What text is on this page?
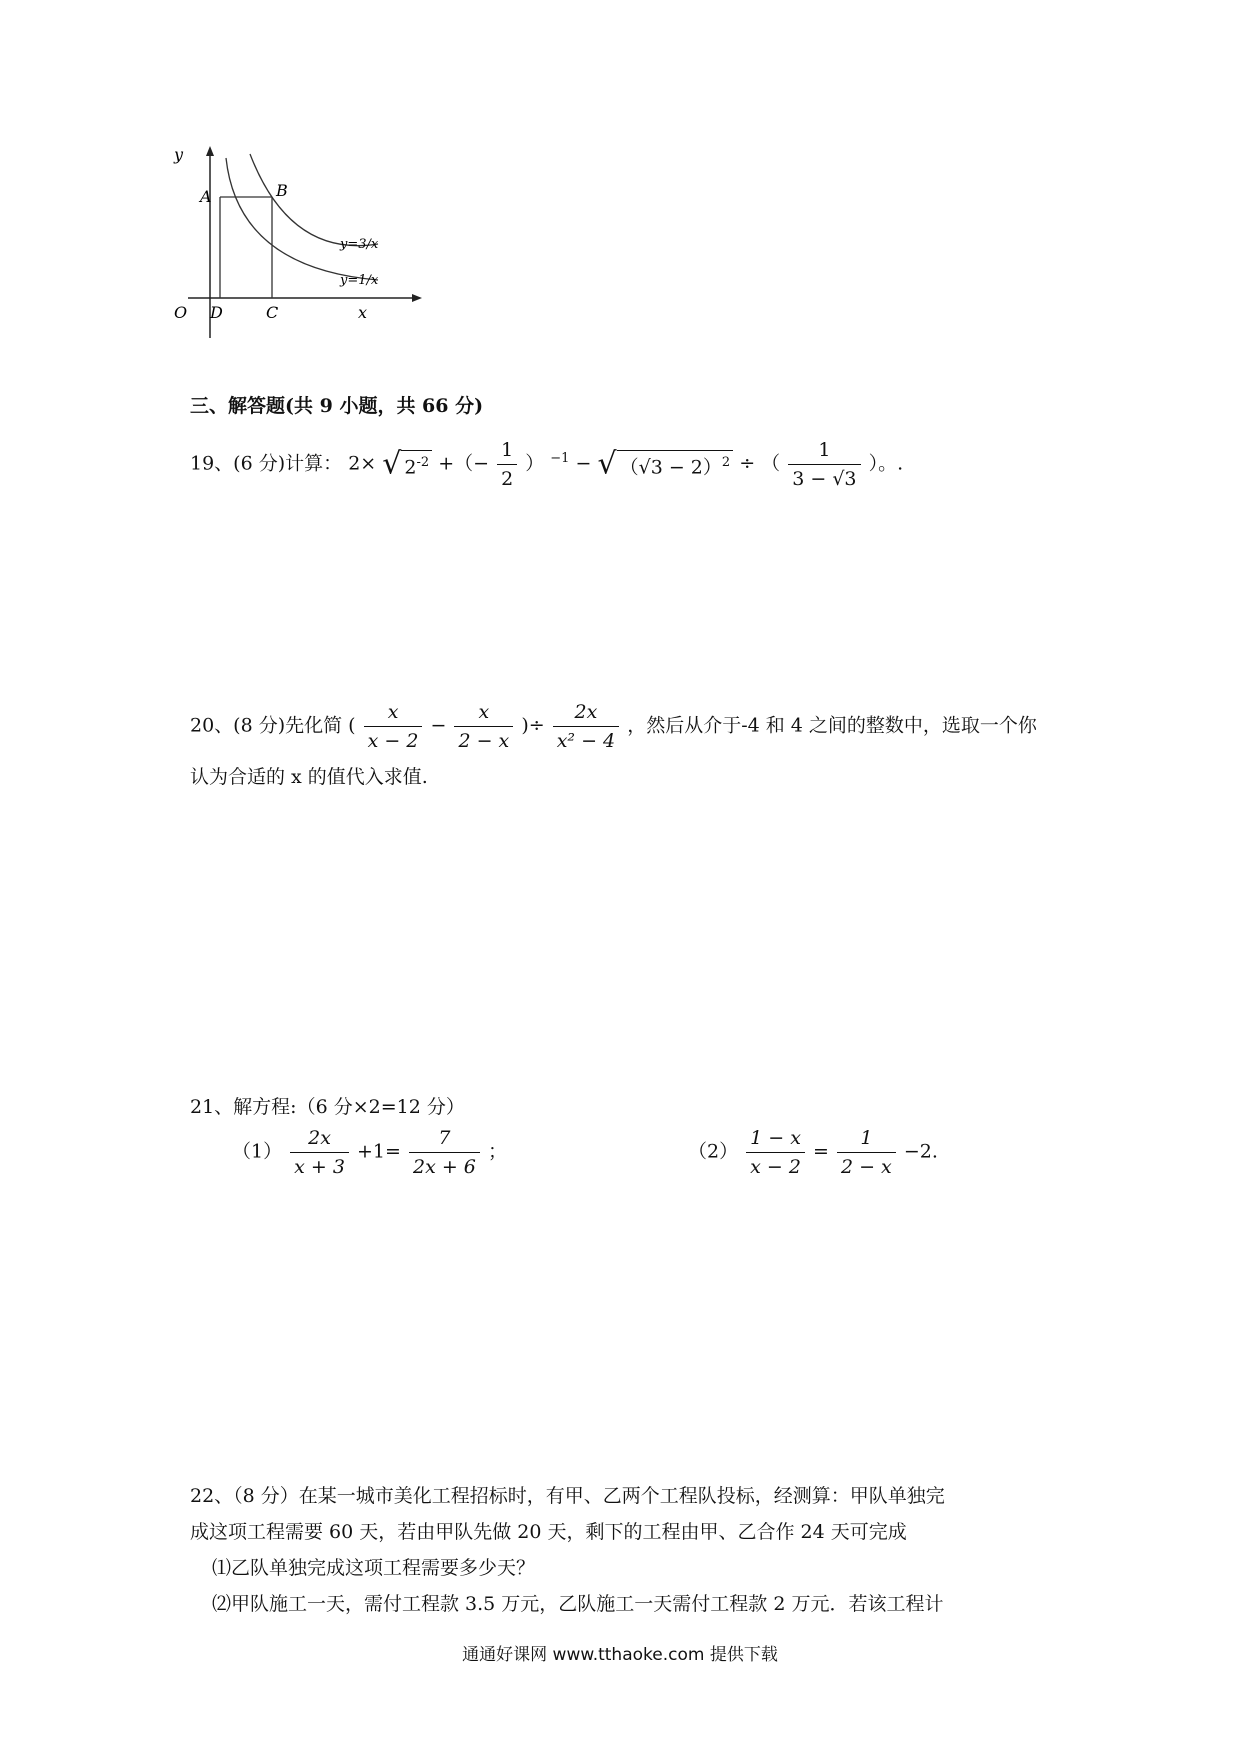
y
A	B
O D	C	x
y=3/x
y=1/x
三、解答题(共 9 小题，共 66 分)
19、(6 分)计算： 2× √ $2^{-2}$ +（− $\frac{1}{2}$ ） $^{-1}$ − √ $(√3 - 2)^2$ ÷ （ $\frac{1}{3 - √3}$ ）。.
20、(8 分)先化简 ( $\frac{x}{x - 2} - \frac{x}{2 - x}$ )÷ $\frac{2x}{\text{x² − 4}}$ ，然后从介于-4 和 4 之间的整数中，选取一个你
认为合适的 x 的值代入求值.
21、解方程:（6 分×2=12 分）
$(1) \frac{2x}{x + 3} +1= \frac{7}{2x + 6}$ ；	$(2) \frac{1 - x}{x - 2} = \frac{1}{2 - x} -2$.
22、（8 分）在某一城市美化工程招标时，有甲、乙两个工程队投标，经测算：甲队单独完
成这项工程需要 60 天，若由甲队先做 20 天，剩下的工程由甲、乙合作 24 天可完成
⑴乙队单独完成这项工程需要多少天？
⑵甲队施工一天，需付工程款 3.5 万元，乙队施工一天需付工程款 2 万元．若该工程计
通通好课网 www.tthaoke.com 提供下载
